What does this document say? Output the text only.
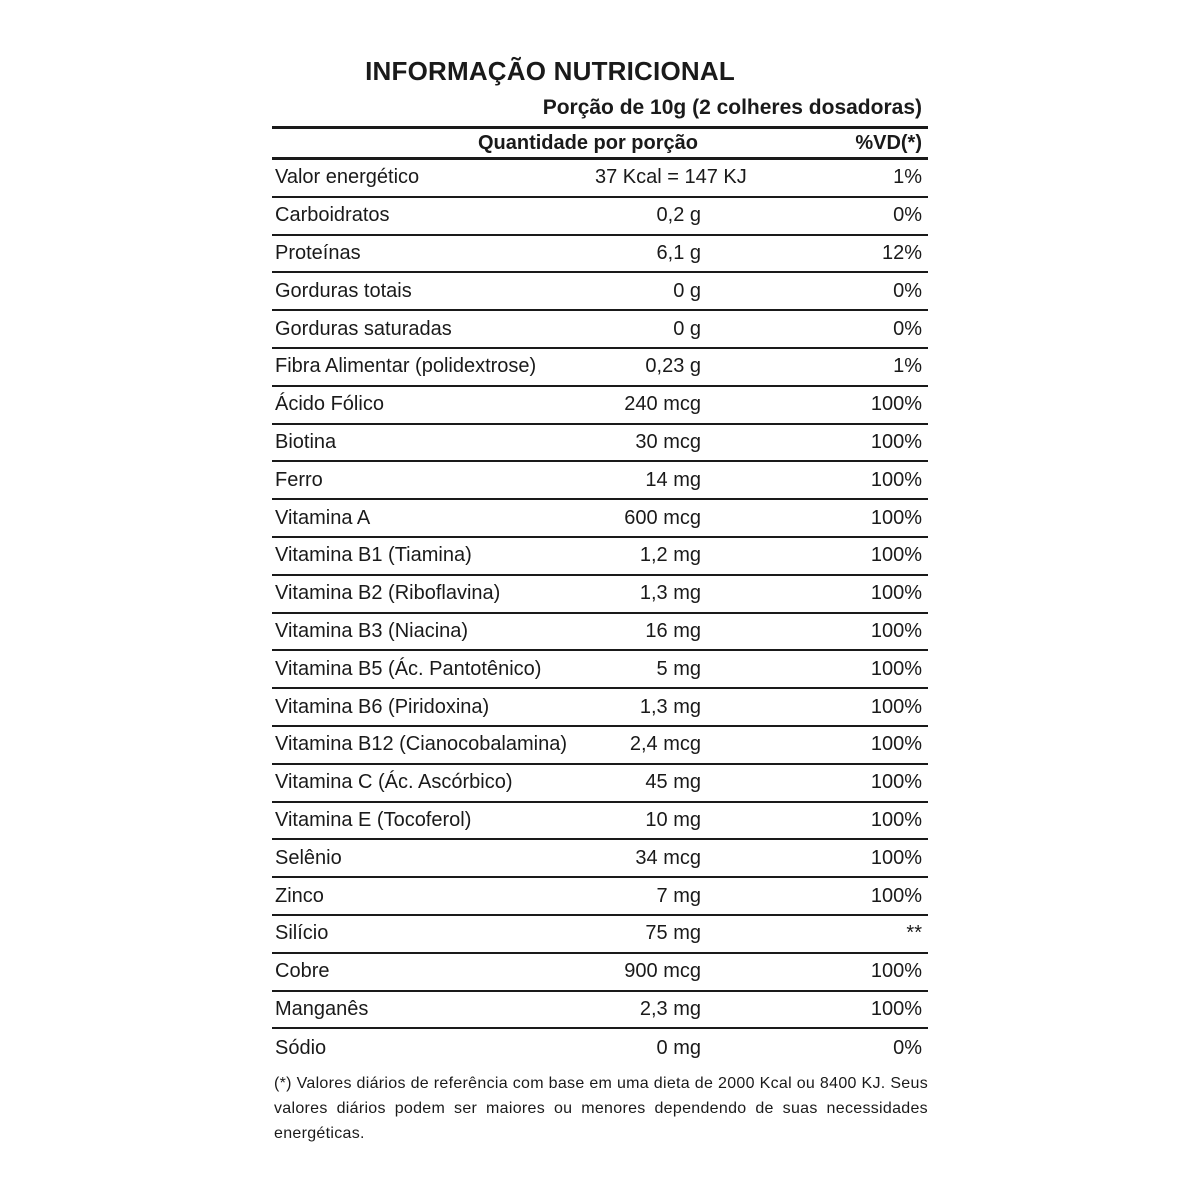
INFORMAÇÃO NUTRICIONAL
Porção de 10g (2 colheres dosadoras)
Quantidade por porção	%VD(*)
Valor energético	37 Kcal = 147 KJ	1%
Carboidratos	0,2 g	0%
Proteínas	6,1 g	12%
Gorduras totais	0 g	0%
Gorduras saturadas	0 g	0%
Fibra Alimentar (polidextrose)	0,23 g	1%
Ácido Fólico	240 mcg	100%
Biotina	30 mcg	100%
Ferro	14 mg	100%
Vitamina A	600 mcg	100%
Vitamina B1 (Tiamina)	1,2 mg	100%
Vitamina B2 (Riboflavina)	1,3 mg	100%
Vitamina B3 (Niacina)	16 mg	100%
Vitamina B5 (Ác. Pantotênico)	5 mg	100%
Vitamina B6 (Piridoxina)	1,3 mg	100%
Vitamina B12 (Cianocobalamina)	2,4 mcg	100%
Vitamina C (Ác. Ascórbico)	45 mg	100%
Vitamina E (Tocoferol)	10 mg	100%
Selênio	34 mcg	100%
Zinco	7 mg	100%
Silício	75 mg	**
Cobre	900 mcg	100%
Manganês	2,3 mg	100%
Sódio	0 mg	0%
(*) Valores diários de referência com base em uma dieta de 2000 Kcal ou 8400 KJ. Seus valores diários podem ser maiores ou menores dependendo de suas necessidades energéticas.
